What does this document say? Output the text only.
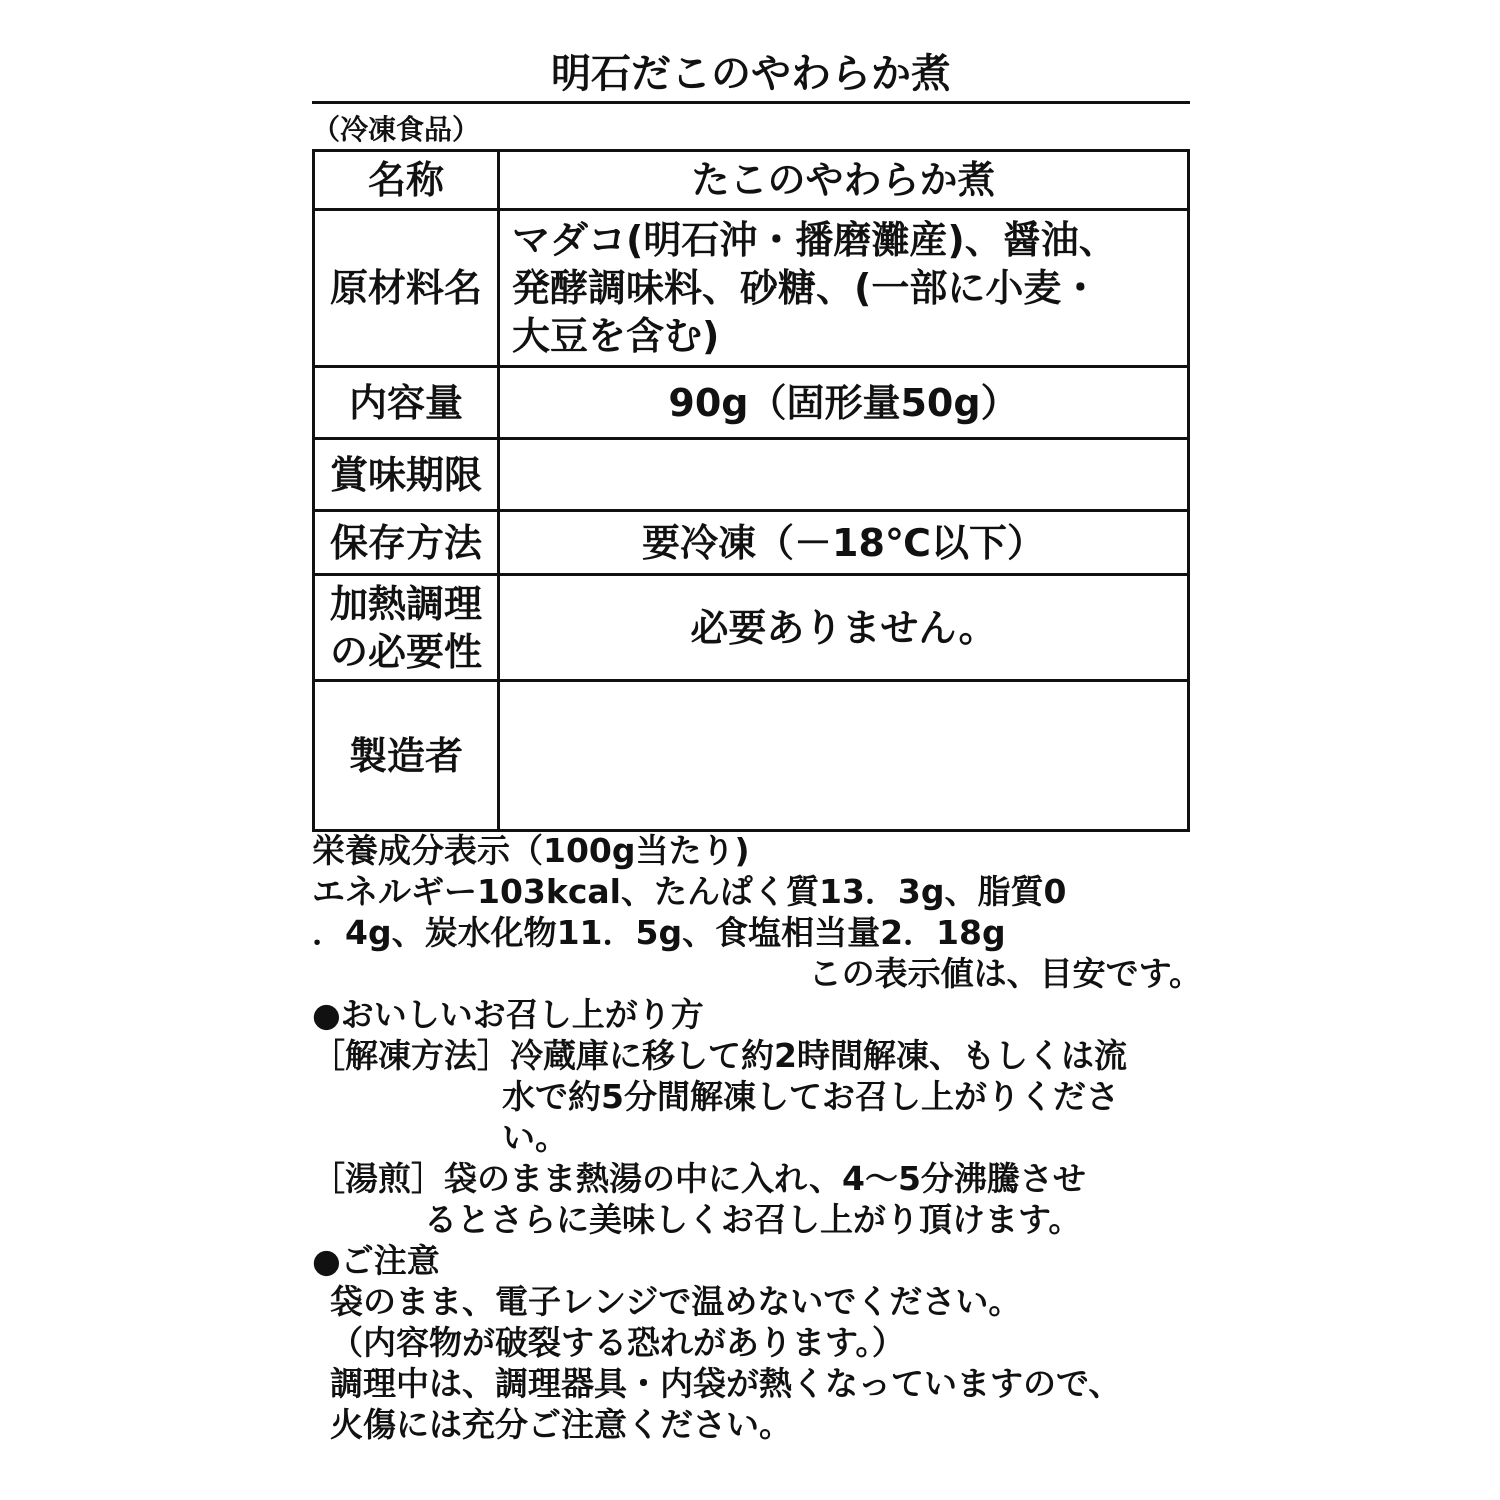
明石だこのやわらか煮
（冷凍食品）
名称	たこのやわらか煮
原材料名	マダコ(明石沖・播磨灘産)、醤油、
発酵調味料、砂糖、(一部に小麦・
大豆を含む)

内容量	90g（固形量50g）
賞味期限	
保存方法	要冷凍（－18℃以下）

加熱調理
の必要性	必要ありません。
製造者	
栄養成分表示（100g当たり)
エネルギー103kcal、たんぱく質13．3g、脂質0
．4g、炭水化物11．5g、食塩相当量2．18g
この表示値は、目安です。
●おいしいお召し上がり方
［解凍方法］冷蔵庫に移して約2時間解凍、もしくは流
水で約5分間解凍してお召し上がりくださ
い。
［湯煎］袋のまま熱湯の中に入れ、4～5分沸騰させ
るとさらに美味しくお召し上がり頂けます。
●ご注意
袋のまま、電子レンジで温めないでください。
（内容物が破裂する恐れがあります。）
調理中は、調理器具・内袋が熱くなっていますので、
火傷には充分ご注意ください。
